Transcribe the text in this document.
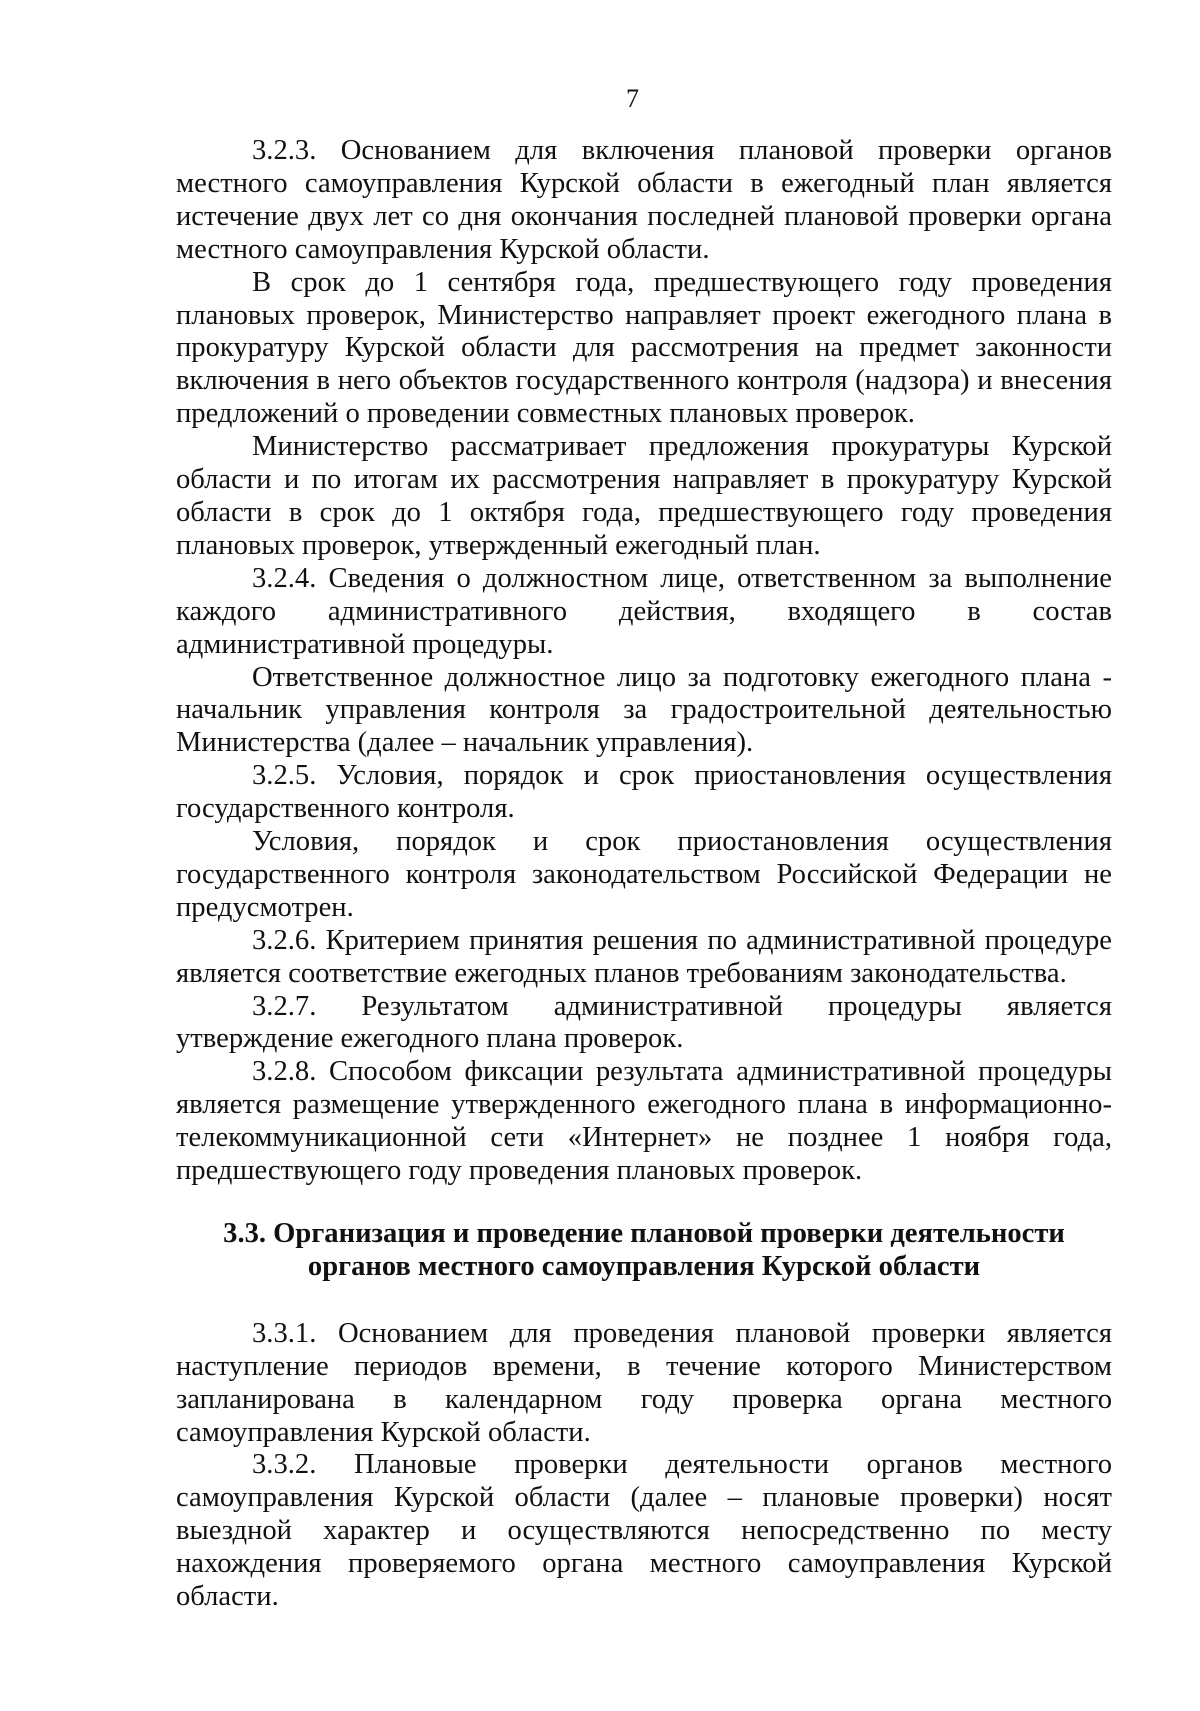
7

3.2.3. Основанием для включения плановой проверки органов местного самоуправления Курской области в ежегодный план является истечение двух лет со дня окончания последней плановой проверки органа местного самоуправления Курской области.

В срок до 1 сентября года, предшествующего году проведения плановых проверок, Министерство направляет проект ежегодного плана в прокуратуру Курской области для рассмотрения на предмет законности включения в него объектов государственного контроля (надзора) и внесения предложений о проведении совместных плановых проверок.

Министерство рассматривает предложения прокуратуры Курской области и по итогам их рассмотрения направляет в прокуратуру Курской области в срок до 1 октября года, предшествующего году проведения плановых проверок, утвержденный ежегодный план.

3.2.4. Сведения о должностном лице, ответственном за выполнение каждого административного действия, входящего в состав административной процедуры.

Ответственное должностное лицо за подготовку ежегодного плана - начальник управления контроля за градостроительной деятельностью Министерства (далее – начальник управления).

3.2.5. Условия, порядок и срок приостановления осуществления государственного контроля.

Условия, порядок и срок приостановления осуществления государственного контроля законодательством Российской Федерации не предусмотрен.

3.2.6. Критерием принятия решения по административной процедуре является соответствие ежегодных планов требованиям законодательства.

3.2.7. Результатом административной процедуры является утверждение ежегодного плана проверок.

3.2.8. Способом фиксации результата административной процедуры является размещение утвержденного ежегодного плана в информационно-телекоммуникационной сети «Интернет» не позднее 1 ноября года, предшествующего году проведения плановых проверок.

3.3. Организация и проведение плановой проверки деятельности

органов местного самоуправления Курской области

3.3.1. Основанием для проведения плановой проверки является наступление периодов времени, в течение которого Министерством запланирована в календарном году проверка органа местного самоуправления Курской области.

3.3.2. Плановые проверки деятельности органов местного самоуправления Курской области (далее – плановые проверки) носят выездной характер и осуществляются непосредственно по месту нахождения проверяемого органа местного самоуправления Курской области.
